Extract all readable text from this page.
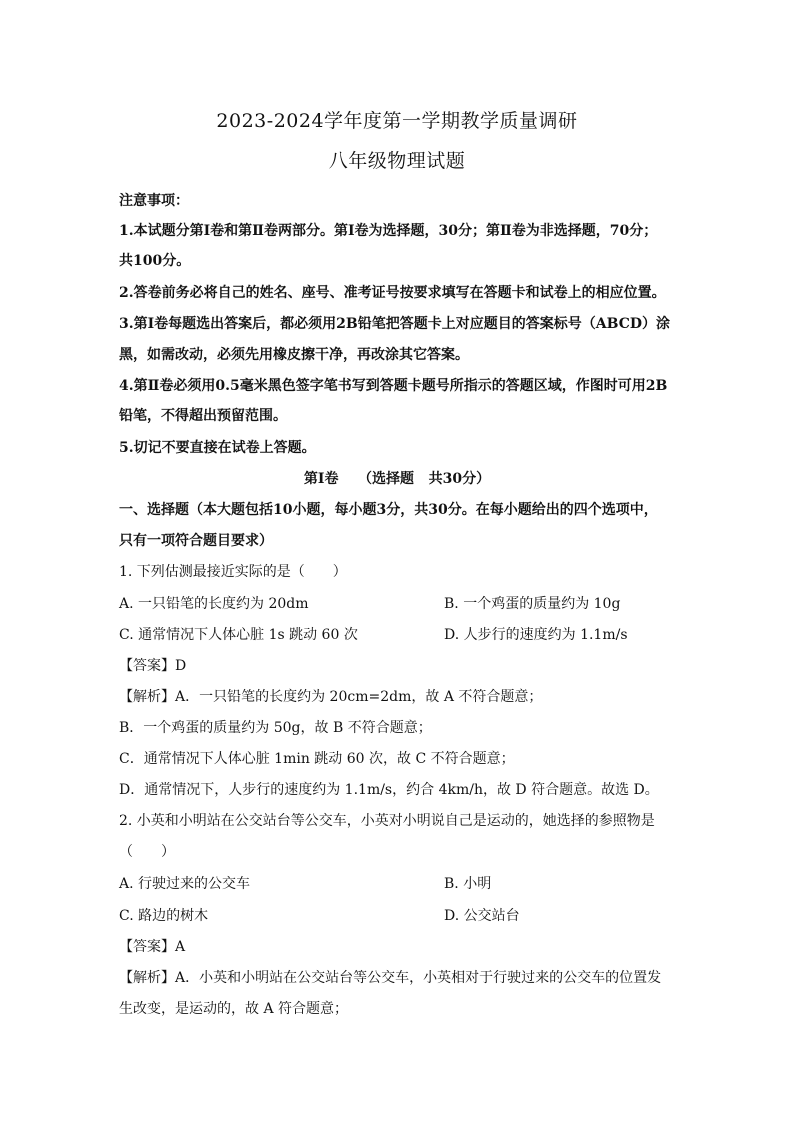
2023-2024学年度第一学期教学质量调研
八年级物理试题
注意事项：
1.本试题分第Ⅰ卷和第Ⅱ卷两部分。第Ⅰ卷为选择题，30分；第Ⅱ卷为非选择题，70分；
共100分。
2.答卷前务必将自己的姓名、座号、准考证号按要求填写在答题卡和试卷上的相应位置。
3.第Ⅰ卷每题选出答案后，都必须用2B铅笔把答题卡上对应题目的答案标号（ABCD）涂
黑，如需改动，必须先用橡皮擦干净，再改涂其它答案。
4.第Ⅱ卷必须用0.5毫米黑色签字笔书写到答题卡题号所指示的答题区域，作图时可用2B
铅笔，不得超出预留范围。
5.切记不要直接在试卷上答题。
第Ⅰ卷    （选择题   共30分）
一、选择题（本大题包括10小题，每小题3分，共30分。在每小题给出的四个选项中，
只有一项符合题目要求）
1. 下列估测最接近实际的是（　　）
A. 一只铅笔的长度约为 20dm	B. 一个鸡蛋的质量约为 10g
C. 通常情况下人体心脏 1s 跳动 60 次	D. 人步行的速度约为 1.1m/s
【答案】D
【解析】A．一只铅笔的长度约为 20cm=2dm，故 A 不符合题意；
B．一个鸡蛋的质量约为 50g，故 B 不符合题意；
C．通常情况下人体心脏 1min 跳动 60 次，故 C 不符合题意；
D．通常情况下，人步行的速度约为 1.1m/s，约合 4km/h，故 D 符合题意。故选 D。
2. 小英和小明站在公交站台等公交车，小英对小明说自己是运动的，她选择的参照物是
（　　）
A. 行驶过来的公交车	B. 小明
C. 路边的树木	D. 公交站台
【答案】A
【解析】A．小英和小明站在公交站台等公交车，小英相对于行驶过来的公交车的位置发
生改变，是运动的，故 A 符合题意；
